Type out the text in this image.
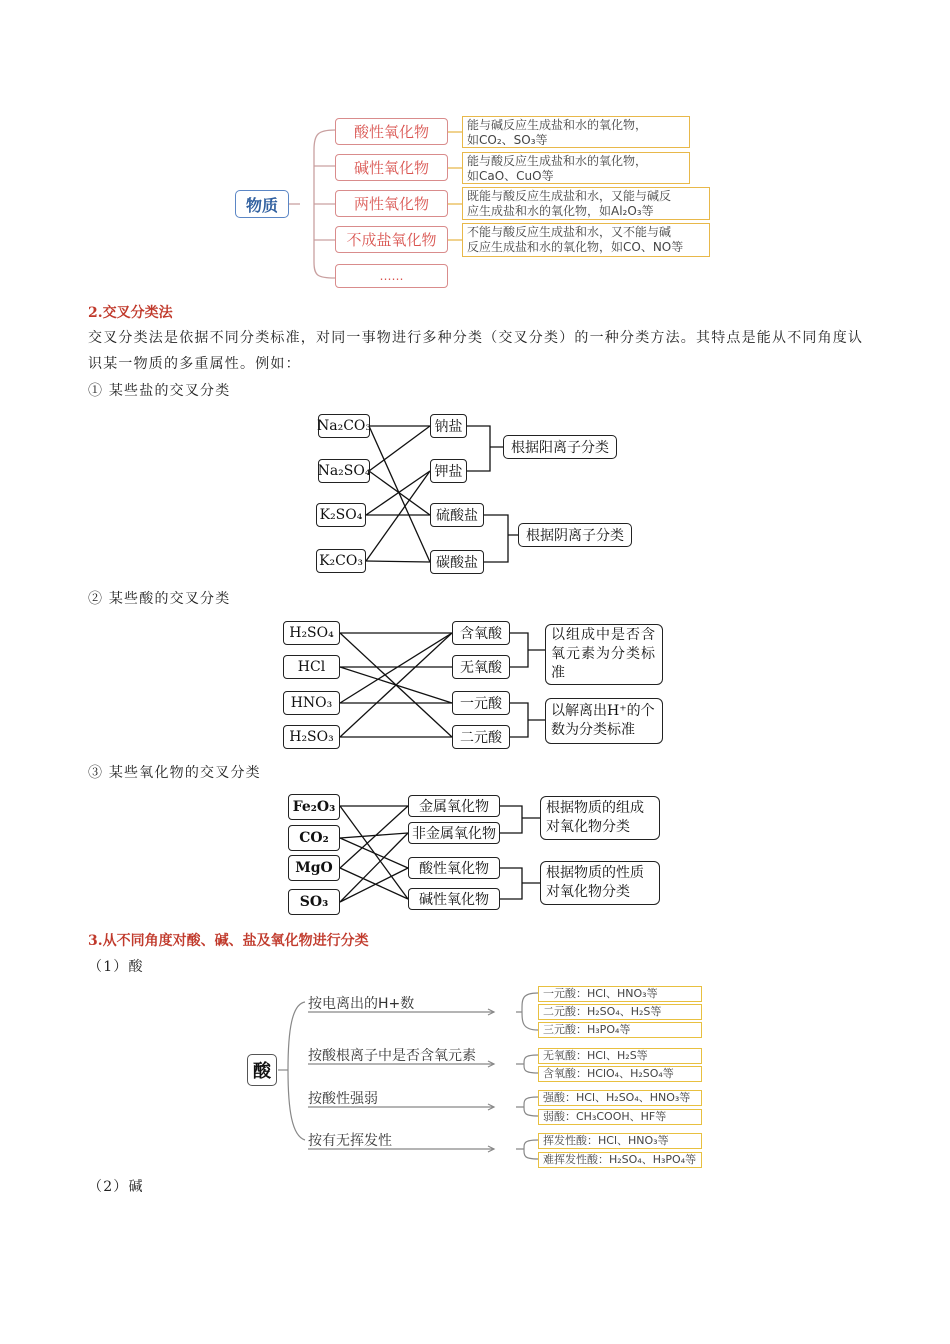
物质
酸性氧化物
碱性氧化物
两性氧化物
不成盐氧化物
……
能与碱反应生成盐和水的氧化物，
如CO₂、SO₃等
能与酸反应生成盐和水的氧化物，
如CaO、CuO等
既能与酸反应生成盐和水，又能与碱反
应生成盐和水的氧化物，如Al₂O₃等
不能与酸反应生成盐和水，又不能与碱
反应生成盐和水的氧化物，如CO、NO等
2.交叉分类法
交叉分类法是依据不同分类标准，对同一事物进行多种分类（交叉分类）的一种分类方法。其特点是能从不同角度认识某一物质的多重属性。例如：
① 某些盐的交叉分类
Na₂CO₃
Na₂SO₄
K₂SO₄
K₂CO₃
钠盐
钾盐
硫酸盐
碳酸盐
根据阳离子分类
根据阴离子分类
② 某些酸的交叉分类
H₂SO₄
HCl
HNO₃
H₂SO₃
含氧酸
无氧酸
一元酸
二元酸
以组成中是否含氧元素为分类标准
以解离出H⁺的个数为分类标准
③ 某些氧化物的交叉分类
Fe₂O₃
CO₂
MgO
SO₃
金属氧化物
非金属氧化物
酸性氧化物
碱性氧化物
根据物质的组成对氧化物分类
根据物质的性质对氧化物分类
3.从不同角度对酸、碱、盐及氧化物进行分类
（1）酸
酸
按电离出的H+数
按酸根离子中是否含氧元素
按酸性强弱
按有无挥发性
一元酸：HCl、HNO₃等
二元酸：H₂SO₄、H₂S等
三元酸：H₃PO₄等
无氧酸：HCl、H₂S等
含氧酸：HClO₄、H₂SO₄等
强酸：HCl、H₂SO₄、HNO₃等
弱酸：CH₃COOH、HF等
挥发性酸：HCl、HNO₃等
难挥发性酸：H₂SO₄、H₃PO₄等
（2）碱
